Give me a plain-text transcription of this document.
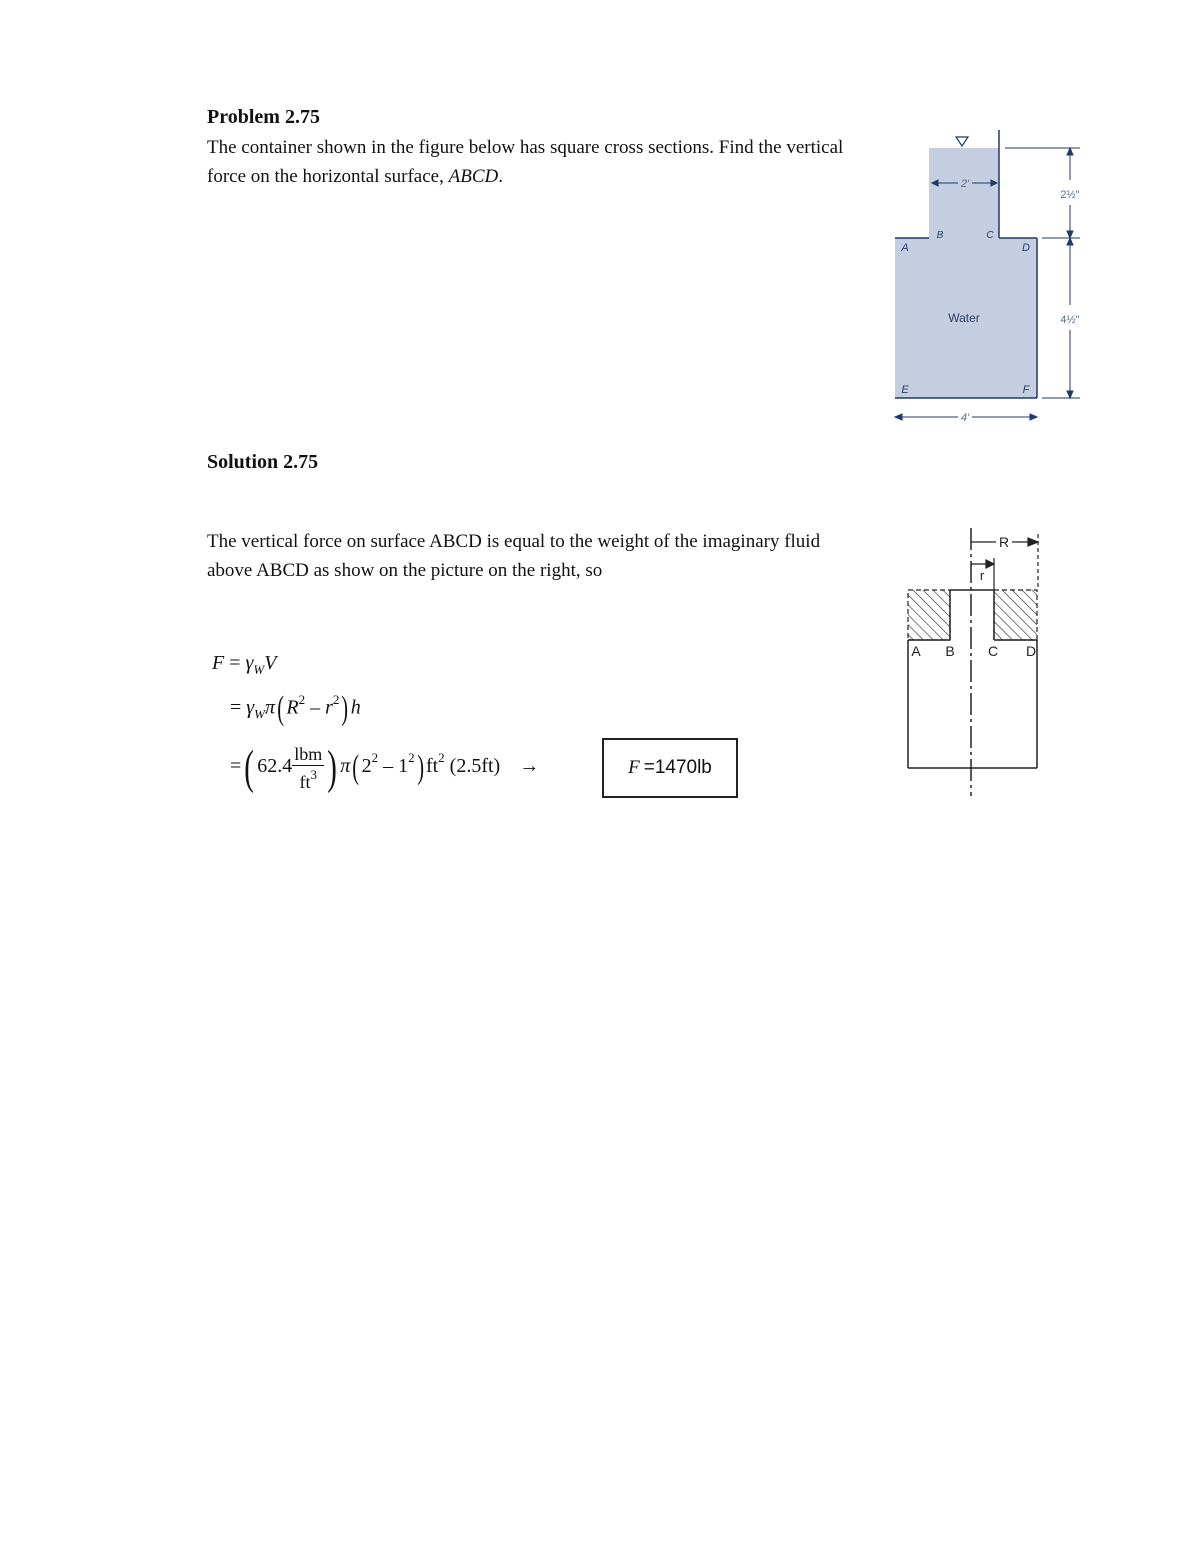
Problem 2.75
The container shown in the figure below has square cross sections. Find the vertical force on the horizontal surface, ABCD.	2'
2½"
4½"
4'
A
B	C
D
E	F
Water
Solution 2.75
The vertical force on surface ABCD is equal to the weight of the imaginary fluid above ABCD as show on the picture on the right, so
R
r
A B C D
$F = \gamma_WV$
= $\gamma_W\pi$( $R^2 - r^2$) h
=( $62.4 \frac{\text{lbm}}{ft^3}$ ) π( $2^2 - 1^2$) $ft^2$ (2.5ft) →	F =1470lb
